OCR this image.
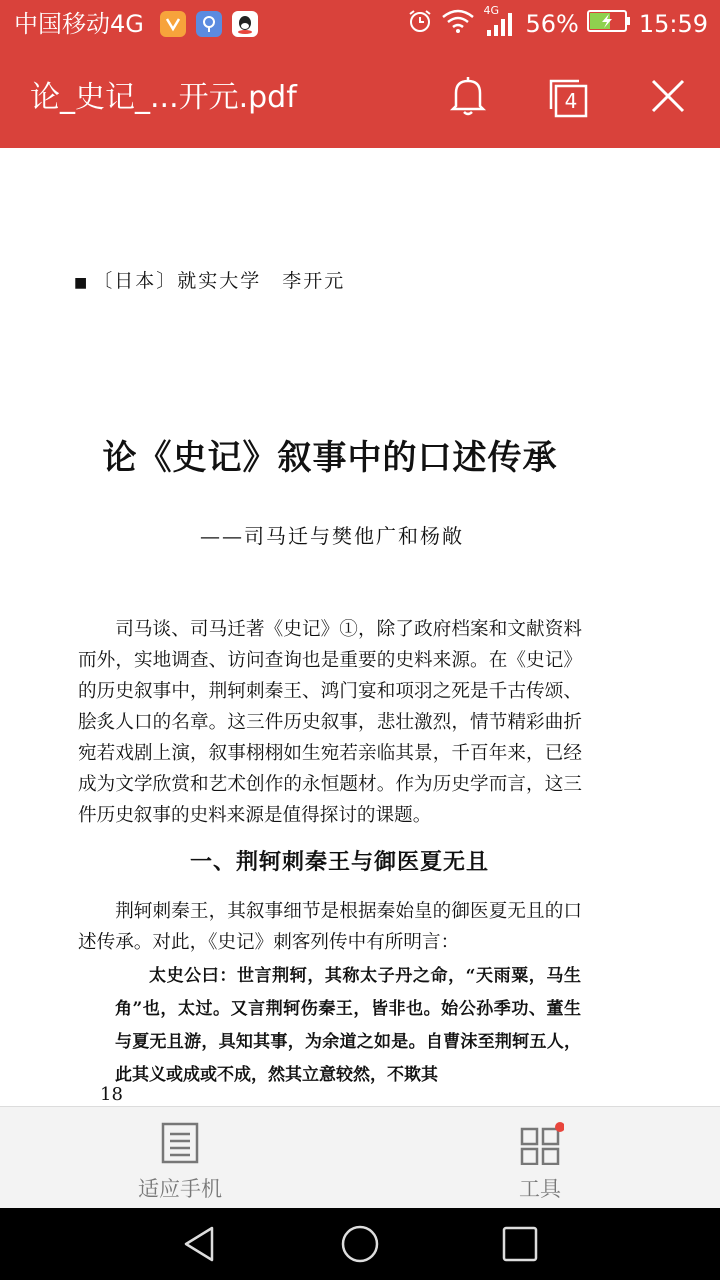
中国移动4G	4G 56%	15:59
论_史记_...开元.pdf	4
■ 〔日本〕就实大学　李开元
论《史记》叙事中的口述传承
——司马迁与樊他广和杨敞
司马谈、司马迁著《史记》①，除了政府档案和文献资料而外，实地调查、访问查询也是重要的史料来源。在《史记》的历史叙事中，荆轲刺秦王、鸿门宴和项羽之死是千古传颂、脍炙人口的名章。这三件历史叙事，悲壮激烈，情节精彩曲折宛若戏剧上演，叙事栩栩如生宛若亲临其景，千百年来，已经成为文学欣赏和艺术创作的永恒题材。作为历史学而言，这三件历史叙事的史料来源是值得探讨的课题。
一、荆轲刺秦王与御医夏无且
荆轲刺秦王，其叙事细节是根据秦始皇的御医夏无且的口述传承。对此，《史记》刺客列传中有所明言：
太史公曰：世言荆轲，其称太子丹之命，“天雨粟，马生角”也，太过。又言荆轲伤秦王，皆非也。始公孙季功、董生与夏无且游，具知其事，为余道之如是。自曹沫至荆轲五人，此其义或成或不成，然其立意较然，不欺其
18
适应手机	工具
